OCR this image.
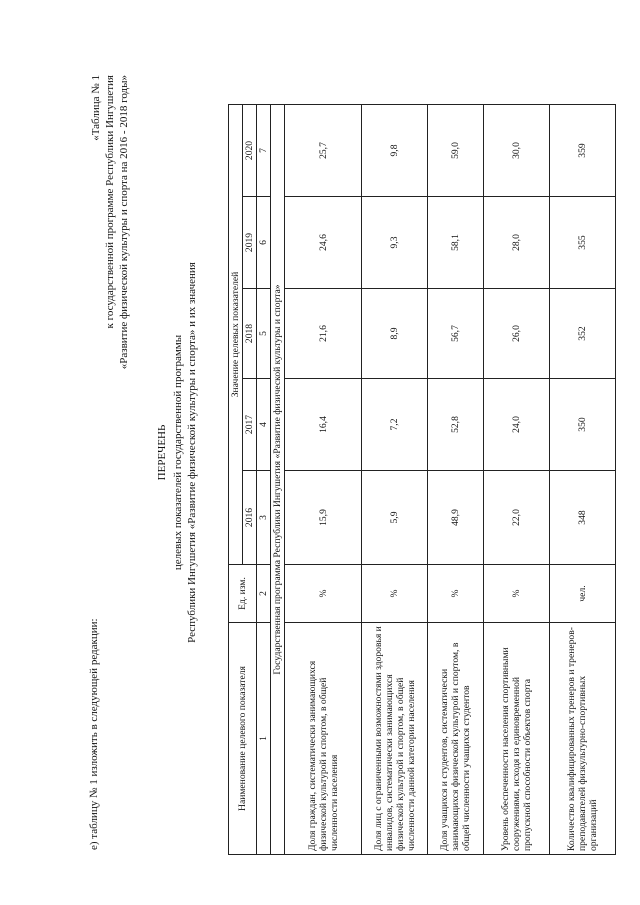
е) таблицу № 1 изложить в следующей редакции:
«Таблица № 1 к государственной программе Республики Ингушетия «Развитие физической культуры и спорта на 2016 - 2018 годы»
ПЕРЕЧЕНЬ целевых показателей государственной программы Республики Ингушетия «Развитие физической культуры и спорта» и их значения
Наименование целевого показателя	Ед. изм.	Значение целевых показателей				
		2016	2017	2018	2019	2020
1	2	3	4	5	6	7
Государственная программа Республики Ингушетия «Развитие физической культуры и спорта»						
Доля граждан, систематически занимающихся физической культурой и спортом, в общей численности населения	%	15,9	16,4	21,6	24,6	25,7
Доля лиц с ограниченными возможностями здоровья и инвалидов, систематически занимающихся физической культурой и спортом, в общей численности данной категории населения	%	5,9	7,2	8,9	9,3	9,8
Доля учащихся и студентов, систематически занимающихся физической культурой и спортом, в общей численности учащихся студентов	%	48,9	52,8	56,7	58,1	59,0
Уровень обеспеченности населения спортивными сооружениями, исходя из единовременной пропускной способности объектов спорта	%	22,0	24,0	26,0	28,0	30,0
Количество квалифицированных тренеров и тренеров-преподавателей физкультурно-спортивных организаций	чел.	348	350	352	355	359
